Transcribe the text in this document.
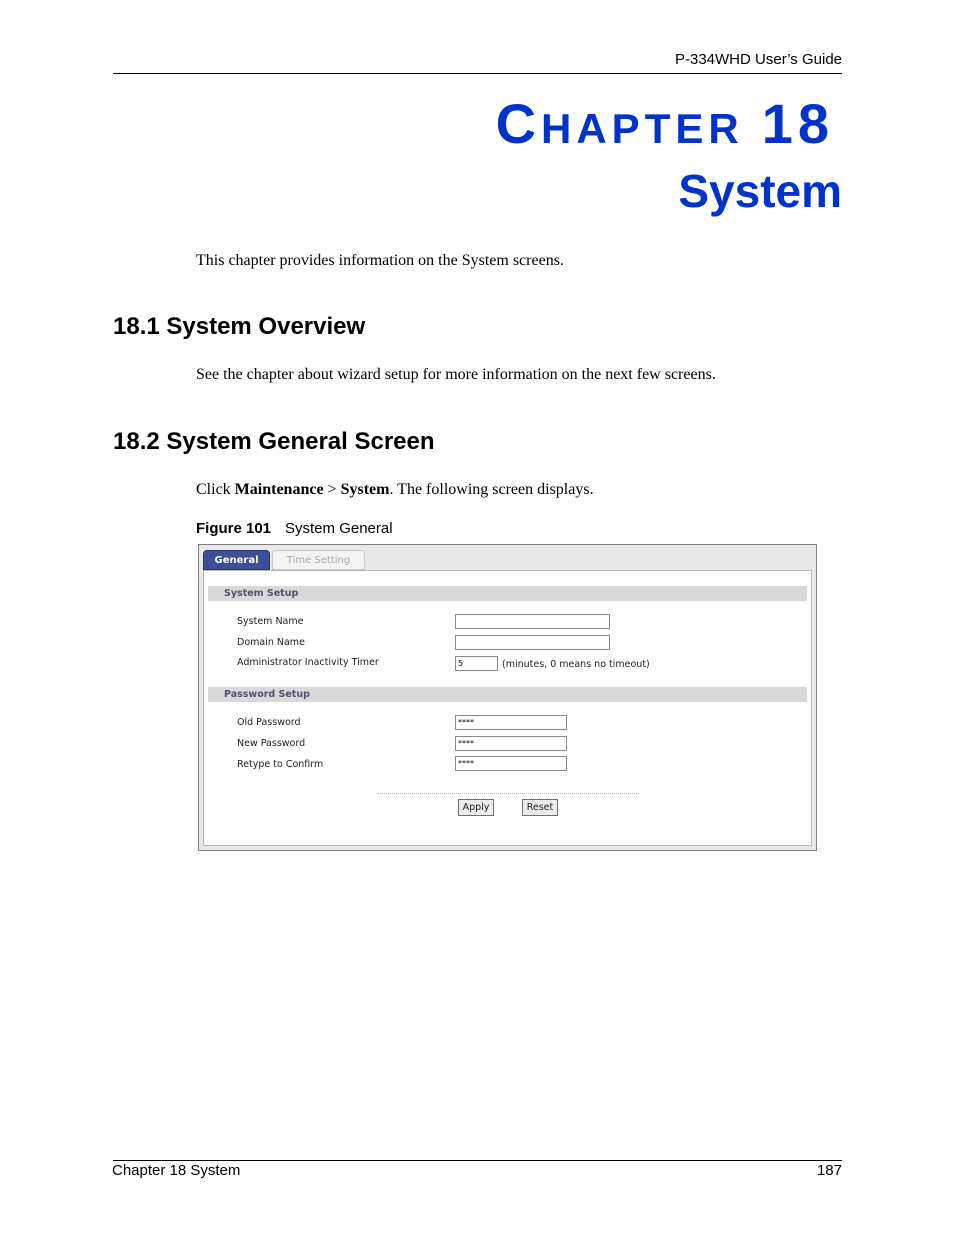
P-334WHD User’s Guide
CHAPTER 18
System
This chapter provides information on the System screens.
18.1 System Overview
See the chapter about wizard setup for more information on the next few screens.
18.2 System General Screen
Click Maintenance > System. The following screen displays.
Figure 101 System General
General	Time Setting
System Setup
System Name
Domain Name
Administrator Inactivity Timer	5	(minutes, 0 means no timeout)
Password Setup
Old Password	****
New Password	****
Retype to Confirm	****
Apply	Reset
Chapter 18 System	187
